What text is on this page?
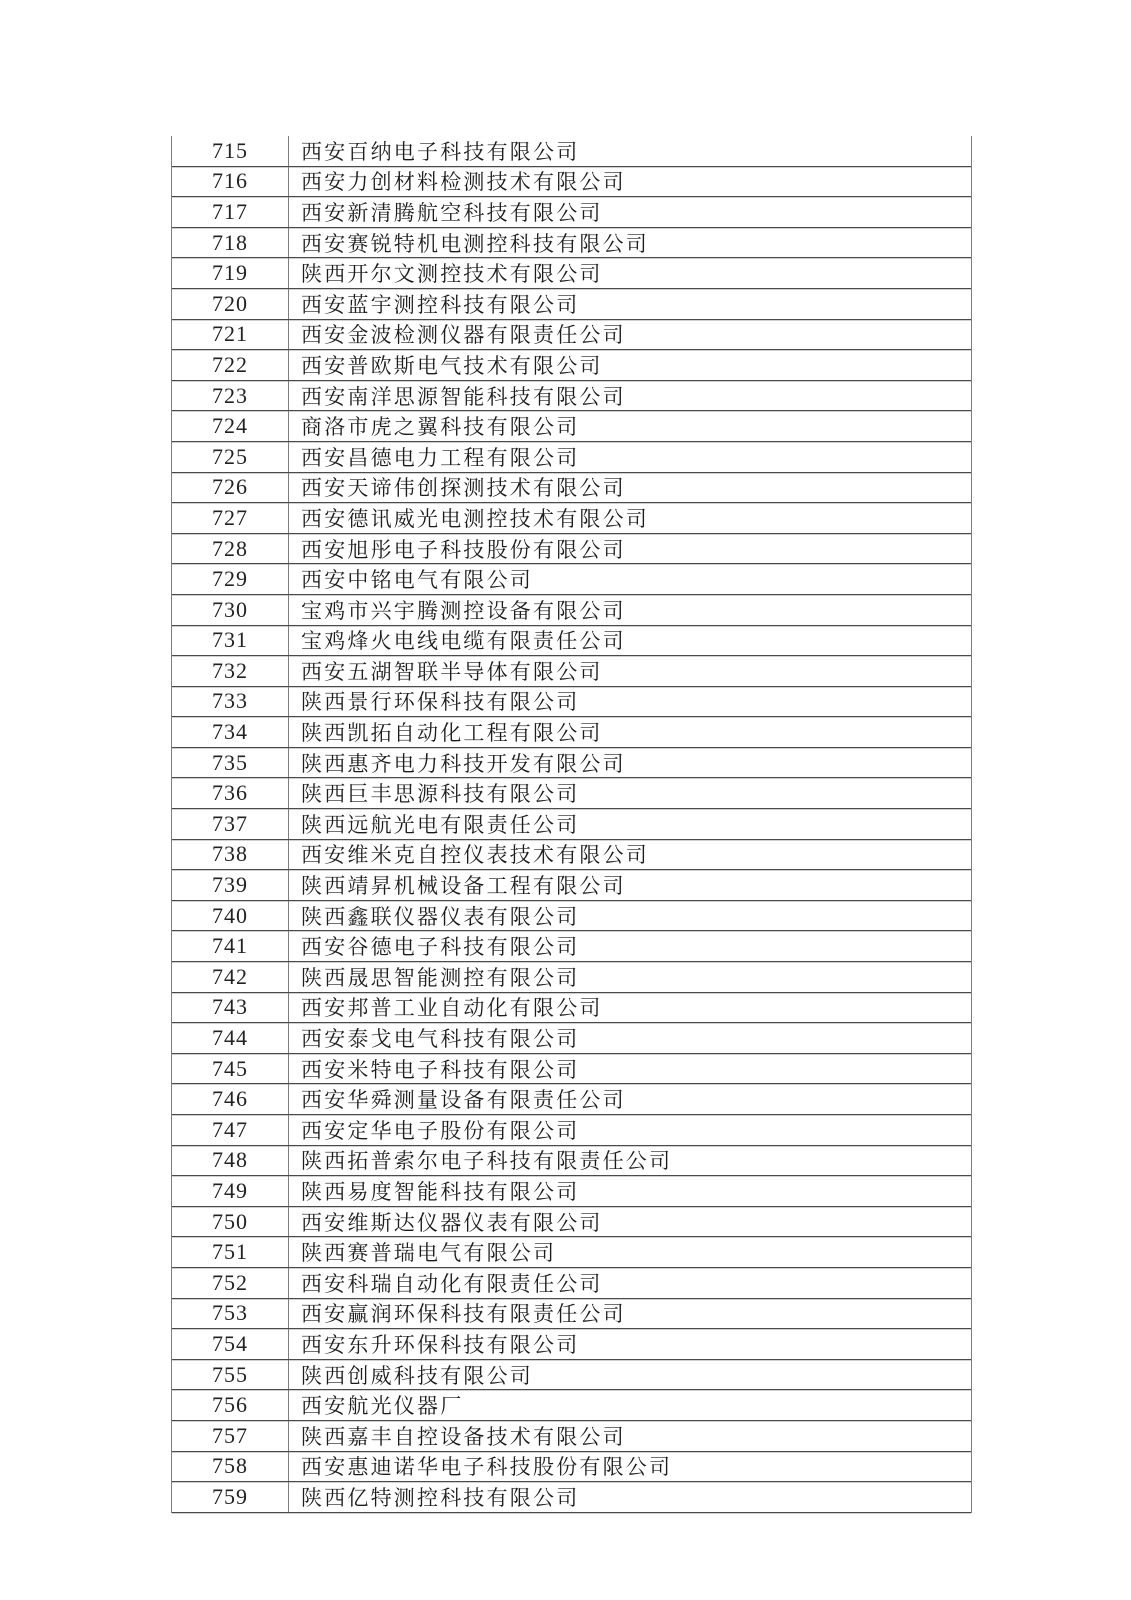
715	西安百纳电子科技有限公司
716	西安力创材料检测技术有限公司
717	西安新清腾航空科技有限公司
718	西安赛锐特机电测控科技有限公司
719	陕西开尔文测控技术有限公司
720	西安蓝宇测控科技有限公司
721	西安金波检测仪器有限责任公司
722	西安普欧斯电气技术有限公司
723	西安南洋思源智能科技有限公司
724	商洛市虎之翼科技有限公司
725	西安昌德电力工程有限公司
726	西安天谛伟创探测技术有限公司
727	西安德讯威光电测控技术有限公司
728	西安旭彤电子科技股份有限公司
729	西安中铭电气有限公司
730	宝鸡市兴宇腾测控设备有限公司
731	宝鸡烽火电线电缆有限责任公司
732	西安五湖智联半导体有限公司
733	陕西景行环保科技有限公司
734	陕西凯拓自动化工程有限公司
735	陕西惠齐电力科技开发有限公司
736	陕西巨丰思源科技有限公司
737	陕西远航光电有限责任公司
738	西安维米克自控仪表技术有限公司
739	陕西靖昇机械设备工程有限公司
740	陕西鑫联仪器仪表有限公司
741	西安谷德电子科技有限公司
742	陕西晟思智能测控有限公司
743	西安邦普工业自动化有限公司
744	西安泰戈电气科技有限公司
745	西安米特电子科技有限公司
746	西安华舜测量设备有限责任公司
747	西安定华电子股份有限公司
748	陕西拓普索尔电子科技有限责任公司
749	陕西易度智能科技有限公司
750	西安维斯达仪器仪表有限公司
751	陕西赛普瑞电气有限公司
752	西安科瑞自动化有限责任公司
753	西安赢润环保科技有限责任公司
754	西安东升环保科技有限公司
755	陕西创威科技有限公司
756	西安航光仪器厂
757	陕西嘉丰自控设备技术有限公司
758	西安惠迪诺华电子科技股份有限公司
759	陕西亿特测控科技有限公司
